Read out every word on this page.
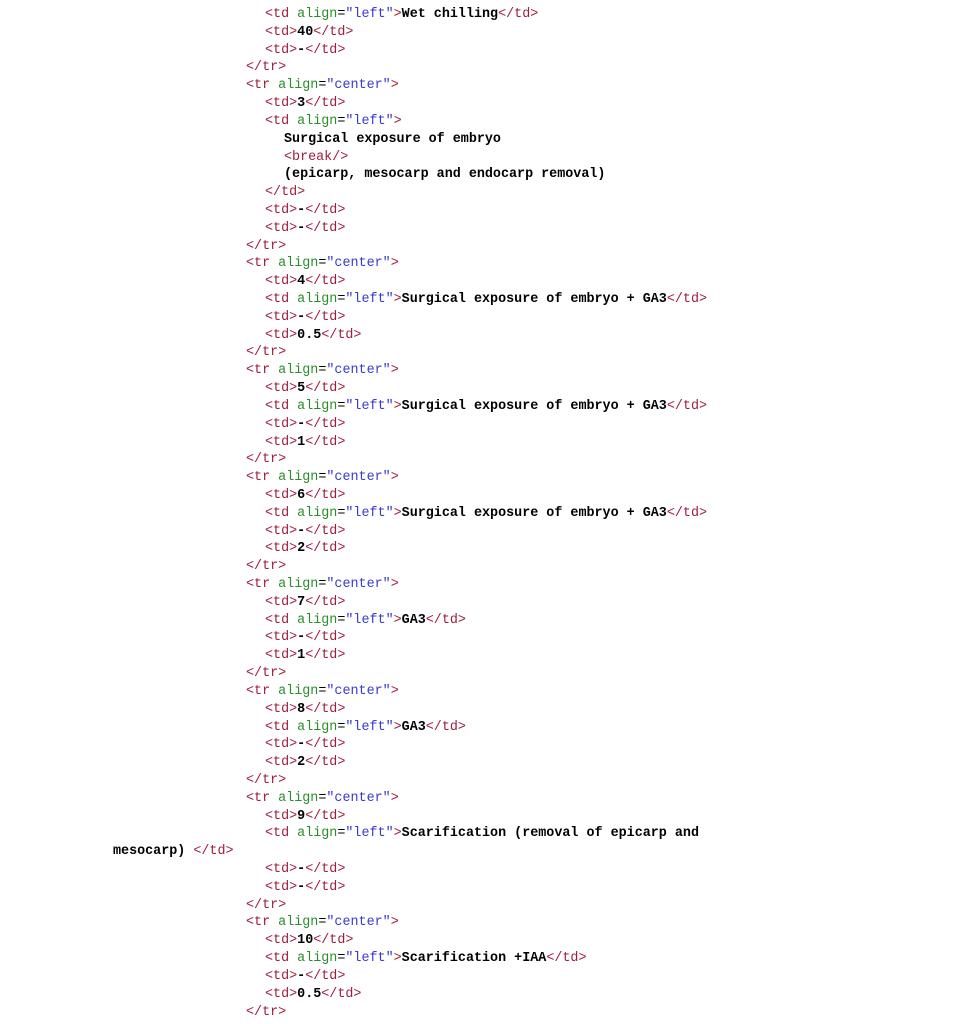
<td align="left">Wet chilling</td>
<td>40</td>
<td>-</td>
</tr>
<tr align="center">
<td>3</td>
<td align="left">
Surgical exposure of embryo
<break/>
(epicarp, mesocarp and endocarp removal)
</td>
<td>-</td>
<td>-</td>
</tr>
<tr align="center">
<td>4</td>
<td align="left">Surgical exposure of embryo + GA3</td>
<td>-</td>
<td>0.5</td>
</tr>
<tr align="center">
<td>5</td>
<td align="left">Surgical exposure of embryo + GA3</td>
<td>-</td>
<td>1</td>
</tr>
<tr align="center">
<td>6</td>
<td align="left">Surgical exposure of embryo + GA3</td>
<td>-</td>
<td>2</td>
</tr>
<tr align="center">
<td>7</td>
<td align="left">GA3</td>
<td>-</td>
<td>1</td>
</tr>
<tr align="center">
<td>8</td>
<td align="left">GA3</td>
<td>-</td>
<td>2</td>
</tr>
<tr align="center">
<td>9</td>
<td align="left">Scarification (removal of epicarp and
mesocarp) </td>
<td>-</td>
<td>-</td>
</tr>
<tr align="center">
<td>10</td>
<td align="left">Scarification +IAA</td>
<td>-</td>
<td>0.5</td>
</tr>
